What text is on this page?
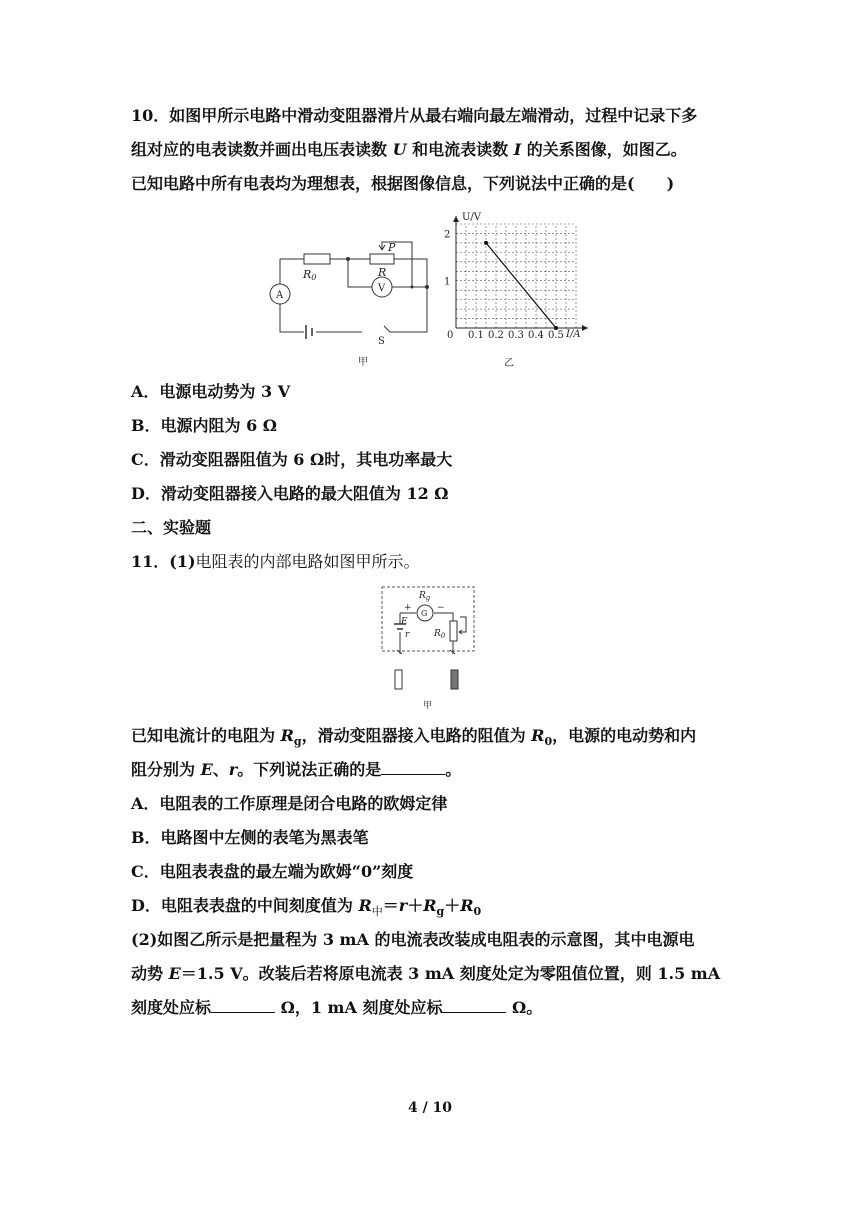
10．如图甲所示电路中滑动变阻器滑片从最右端向最左端滑动，过程中记录下多
组对应的电表读数并画出电压表读数 U 和电流表读数 I 的关系图像，如图乙。
已知电路中所有电表均为理想表，根据图像信息，下列说法中正确的是(　　)
R0	R
P
A
V
S
甲
0.1 0.2 0.3 0.4 0.5
1
2
U/V
I/A
0
乙
A．电源电动势为 3 V
B．电源内阻为 6 Ω
C．滑动变阻器阻值为 6 Ω时，其电功率最大
D．滑动变阻器接入电路的最大阻值为 12 Ω
二、实验题
11．(1)电阻表的内部电路如图甲所示。
$R_g$
G
+	−
E
r	$R_0$
甲
已知电流计的电阻为 $R_g$，滑动变阻器接入电路的阻值为 $R_0$，电源的电动势和内
阻分别为 E、r。下列说法正确的是	。
A．电阻表的工作原理是闭合电路的欧姆定律
B．电路图中左侧的表笔为黑表笔
C．电阻表表盘的最左端为欧姆“0”刻度
D．电阻表表盘的中间刻度值为 $R_中=r+R_g+R_0$
(2)如图乙所示是把量程为 3 mA 的电流表改装成电阻表的示意图，其中电源电
动势 E＝1.5 V。改装后若将原电流表 3 mA 刻度处定为零阻值位置，则 1.5 mA
刻度处应标	Ω，1 mA 刻度处应标	Ω。
4 / 10
